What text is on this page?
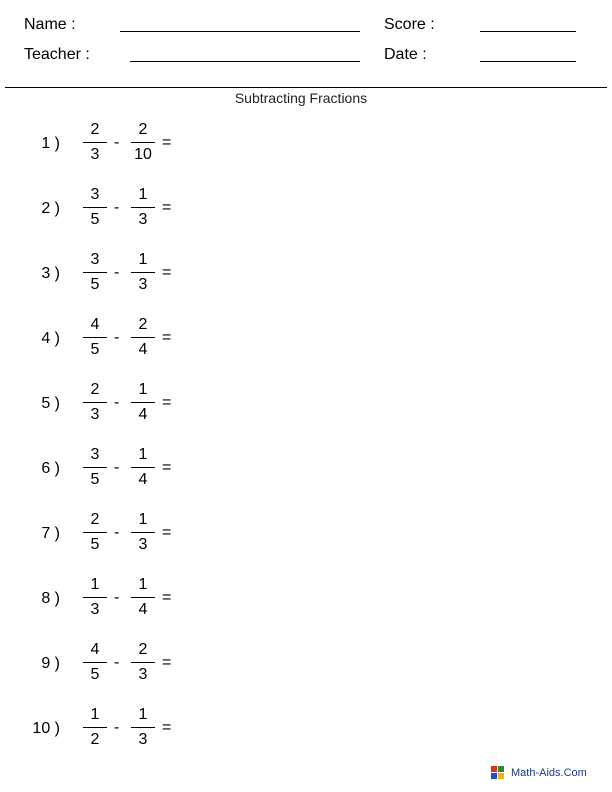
Name :	Score :
Teacher :	Date :
Subtracting Fractions
1 )
2
3
-
2
10
=
2 )
3
5
-
1
3
=
3 )
3
5
-
1
3
=
4 )
4
5
-
2
4
=
5 )
2
3
-
1
4
=
6 )
3
5
-
1
4
=
7 )
2
5
-
1
3
=
8 )
1
3
-
1
4
=
9 )
4
5
-
2
3
=
10 )
1
2
-
1
3
=
Math-Aids.Com
